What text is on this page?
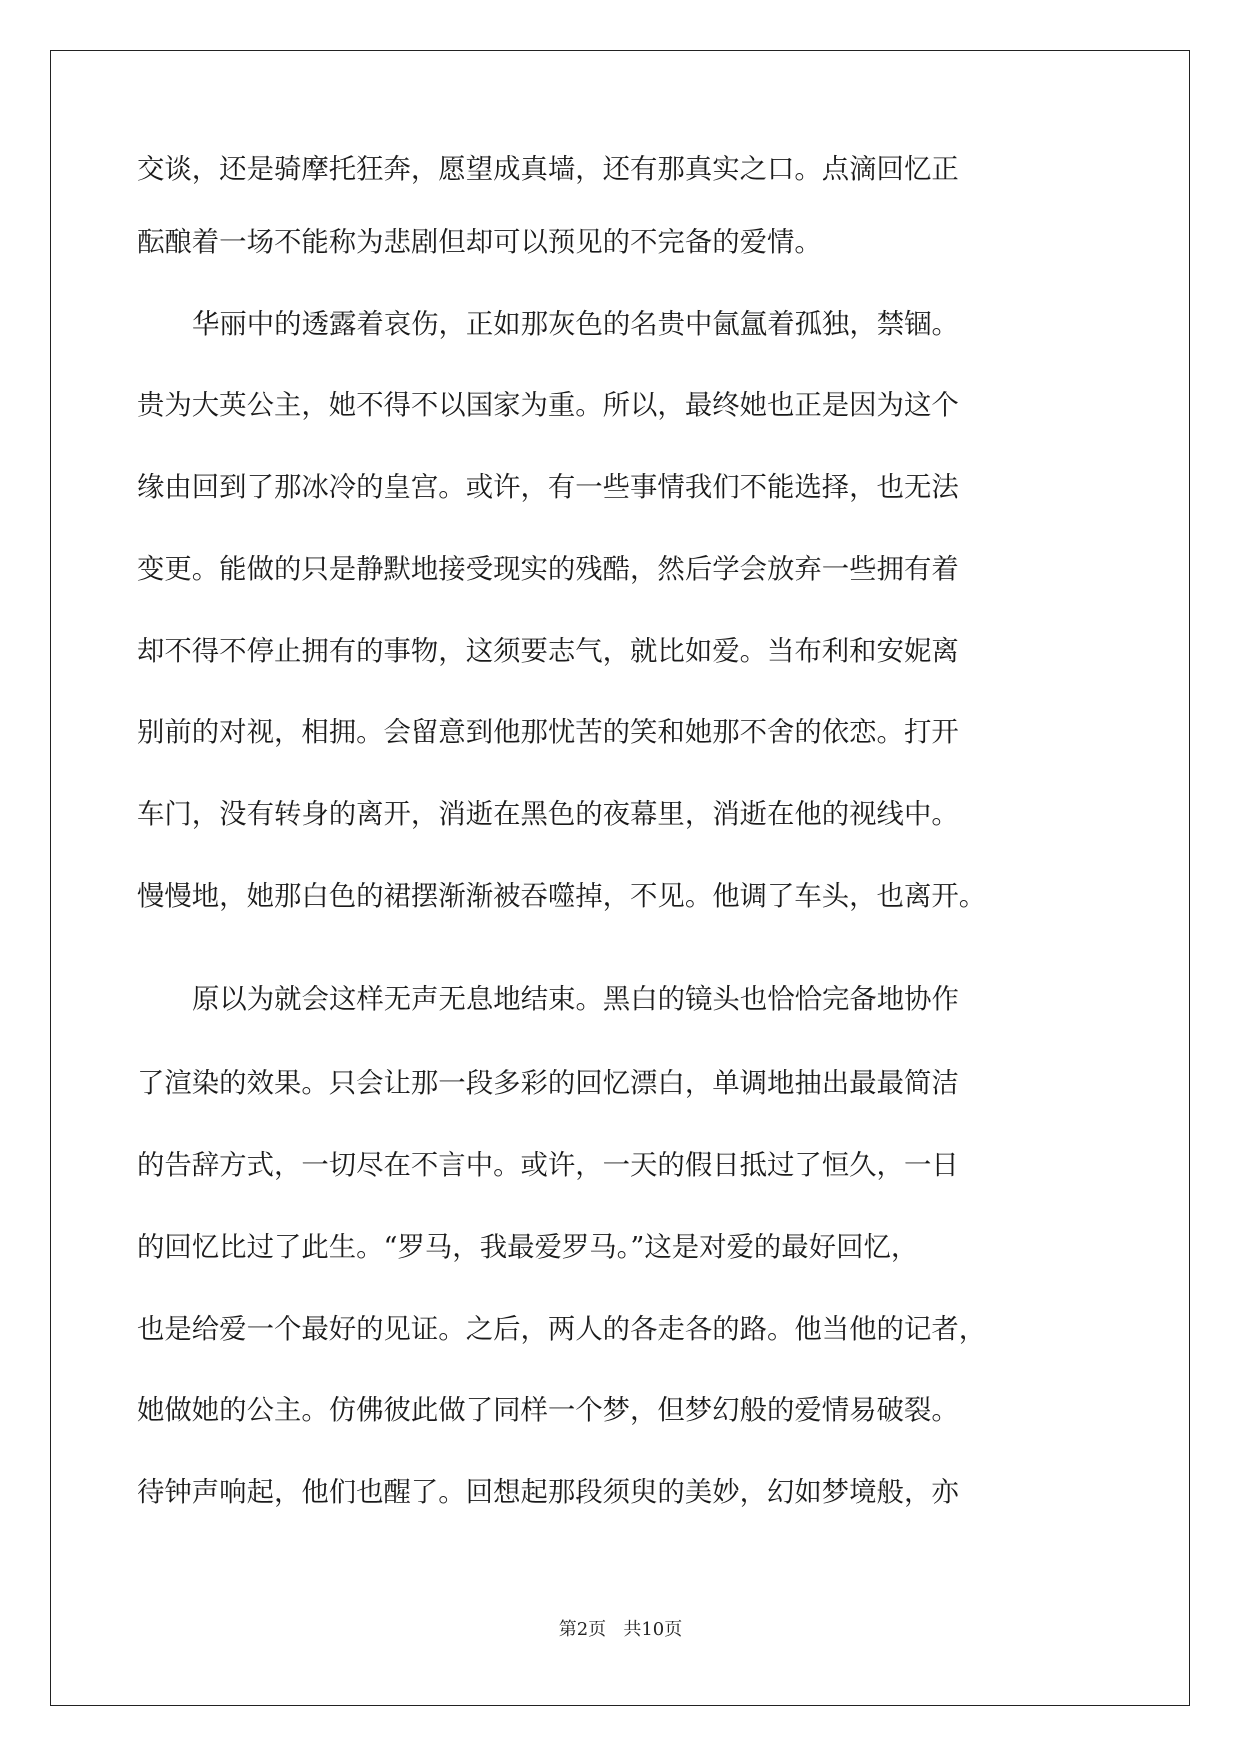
交谈，还是骑摩托狂奔，愿望成真墙，还有那真实之口。点滴回忆正
酝酿着一场不能称为悲剧但却可以预见的不完备的爱情。
华丽中的透露着哀伤，正如那灰色的名贵中氤氲着孤独，禁锢。
贵为大英公主，她不得不以国家为重。所以，最终她也正是因为这个
缘由回到了那冰冷的皇宫。或许，有一些事情我们不能选择，也无法
变更。能做的只是静默地接受现实的残酷，然后学会放弃一些拥有着
却不得不停止拥有的事物，这须要志气，就比如爱。当布利和安妮离
别前的对视，相拥。会留意到他那忧苦的笑和她那不舍的依恋。打开
车门，没有转身的离开，消逝在黑色的夜幕里，消逝在他的视线中。
慢慢地，她那白色的裙摆渐渐被吞噬掉，不见。他调了车头，也离开。
原以为就会这样无声无息地结束。黑白的镜头也恰恰完备地协作
了渲染的效果。只会让那一段多彩的回忆漂白，单调地抽出最最简洁
的告辞方式，一切尽在不言中。或许，一天的假日抵过了恒久，一日
的回忆比过了此生。“罗马，我最爱罗马。”这是对爱的最好回忆，
也是给爱一个最好的见证。之后，两人的各走各的路。他当他的记者，
她做她的公主。仿佛彼此做了同样一个梦，但梦幻般的爱情易破裂。
待钟声响起，他们也醒了。回想起那段须臾的美妙，幻如梦境般，亦
第2页   共10页
